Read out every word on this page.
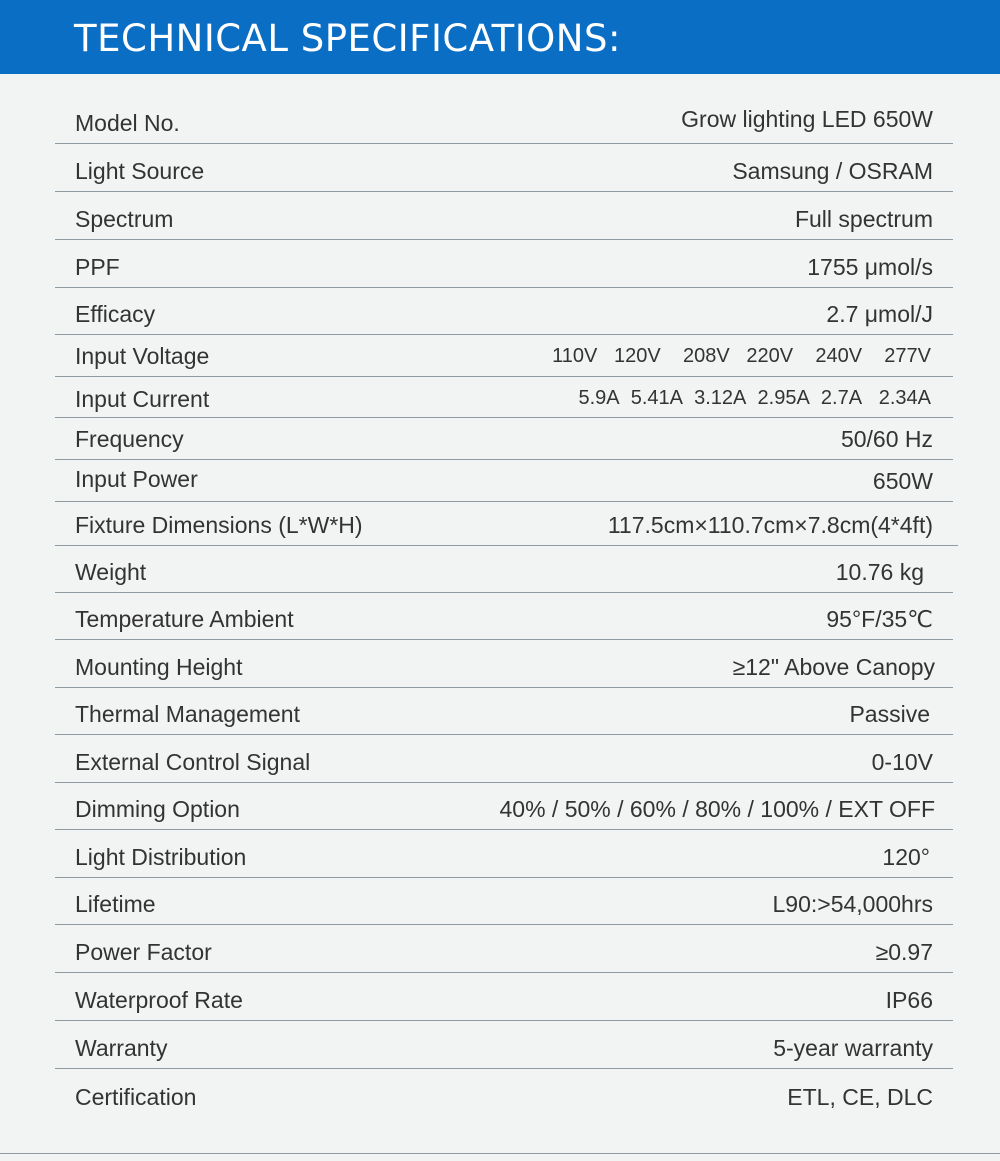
TECHNICAL SPECIFICATIONS:
Model No.	Grow lighting LED 650W
Light Source	Samsung / OSRAM
Spectrum	Full spectrum
PPF	1755 μmol/s
Efficacy	2.7 μmol/J
Input Voltage	110V 120V 208V 220V 240V 277V
Input Current	5.9A 5.41A 3.12A 2.95A 2.7A 2.34A
Frequency	50/60 Hz
Input Power	650W
Fixture Dimensions (L*W*H)	117.5cm×110.7cm×7.8cm(4*4ft)
Weight	10.76 kg
Temperature Ambient	95°F/35℃
Mounting Height	≥12" Above Canopy
Thermal Management	Passive
External Control Signal	0-10V
Dimming Option	40% / 50% / 60% / 80% / 100% / EXT OFF
Light Distribution	120°
Lifetime	L90:>54,000hrs
Power Factor	≥0.97
Waterproof Rate	IP66
Warranty	5-year warranty
Certification	ETL, CE, DLC
